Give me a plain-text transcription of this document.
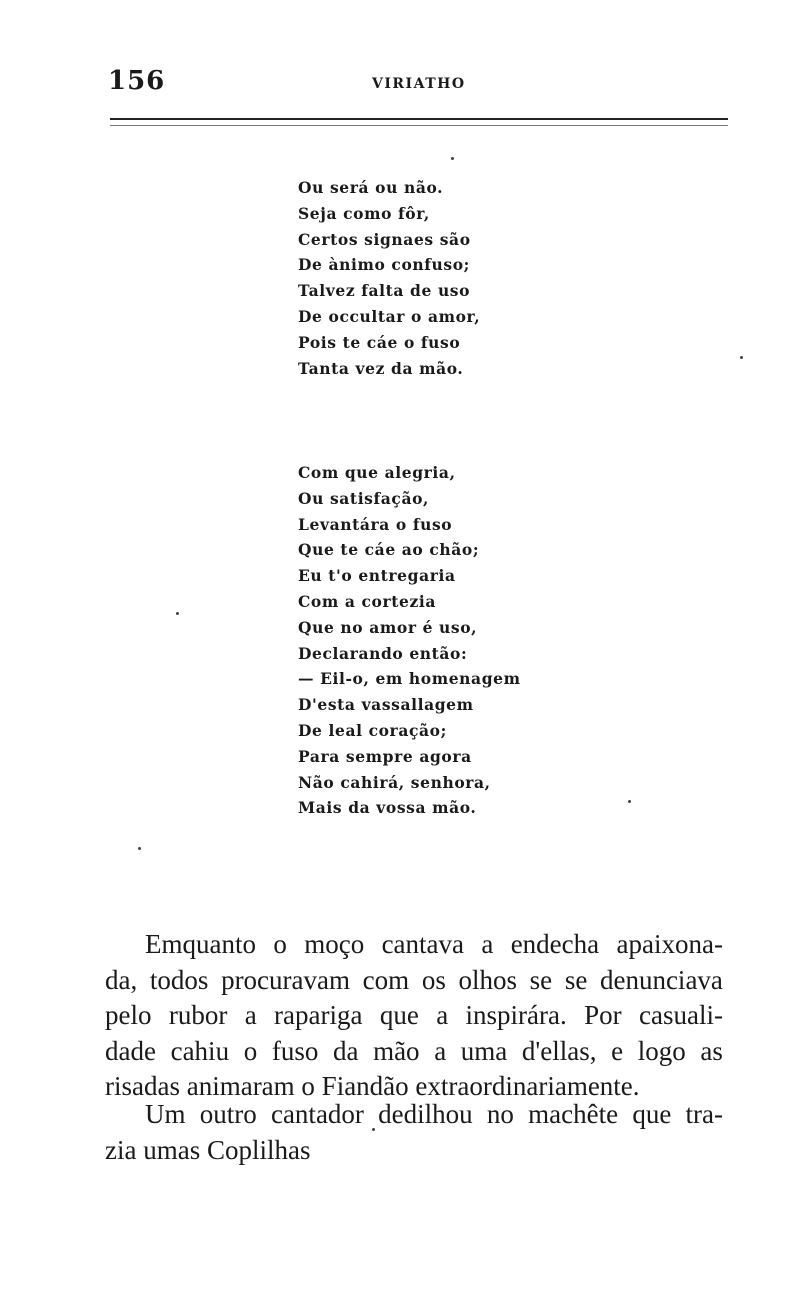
156	VIRIATHO
Ou será ou não.
Seja como fôr,
Certos signaes são
De ànimo confuso;
Talvez falta de uso
De occultar o amor,
Pois te cáe o fuso
Tanta vez da mão.
Com que alegria,
Ou satisfação,
Levantára o fuso
Que te cáe ao chão;
Eu t'o entregaria
Com a cortezia
Que no amor é uso,
Declarando então:
— Eil-o, em homenagem
D'esta vassallagem
De leal coração;
Para sempre agora
Não cahirá, senhora,
Mais da vossa mão.
Emquanto o moço cantava a endecha apaixona-
da, todos procuravam com os olhos se se denunciava
pelo rubor a rapariga que a inspirára. Por casuali-
dade cahiu o fuso da mão a uma d'ellas, e logo as
risadas animaram o Fiandão extraordinariamente.
Um outro cantador dedilhou no machête que tra-
zia umas Coplilhas
